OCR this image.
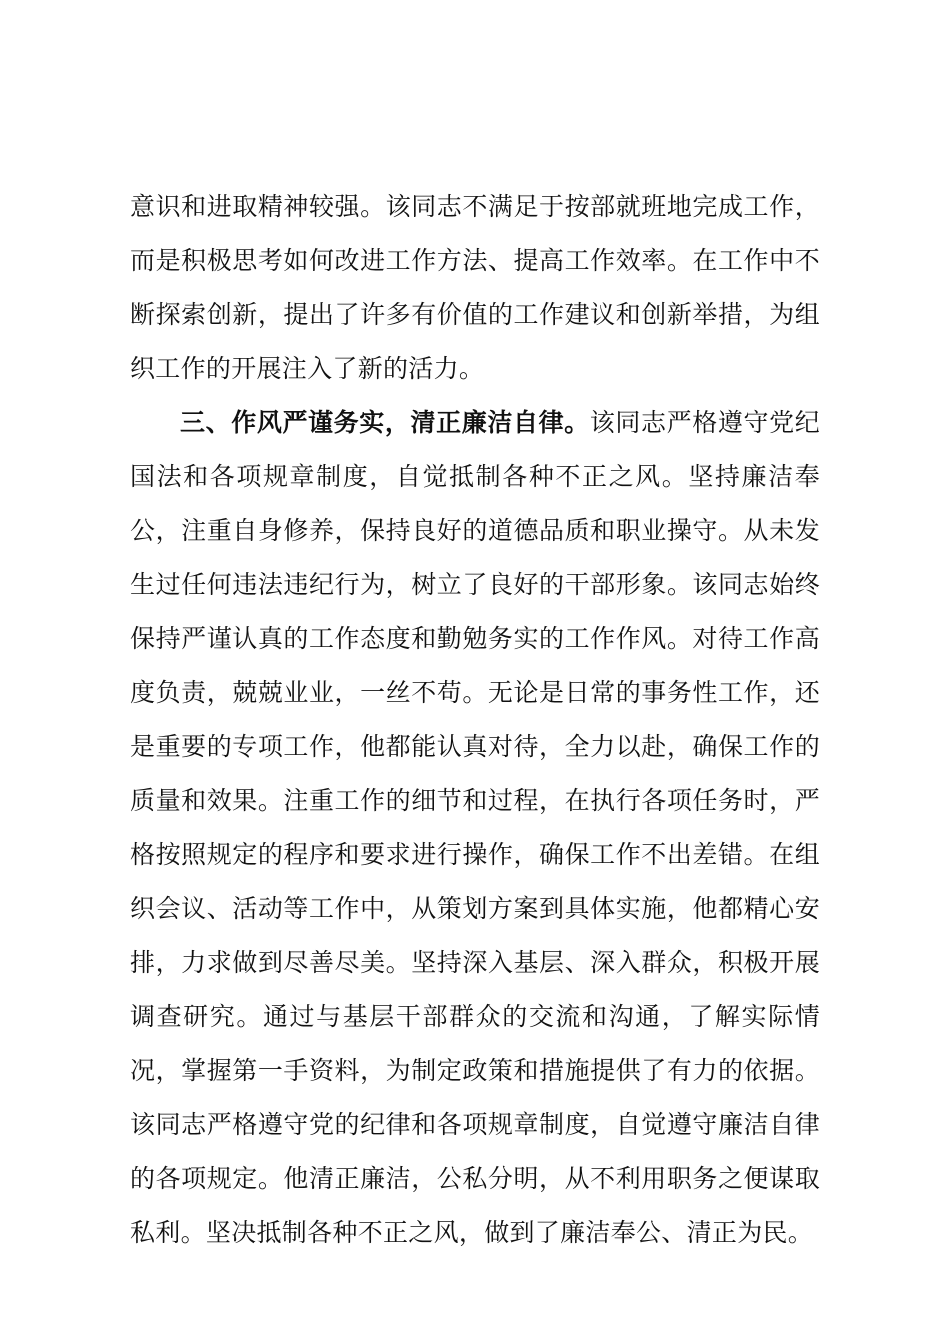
意识和进取精神较强。该同志不满足于按部就班地完成工作，
而是积极思考如何改进工作方法、提高工作效率。在工作中不
断探索创新，提出了许多有价值的工作建议和创新举措，为组
织工作的开展注入了新的活力。
三、作风严谨务实，清正廉洁自律。该同志严格遵守党纪
国法和各项规章制度，自觉抵制各种不正之风。坚持廉洁奉
公，注重自身修养，保持良好的道德品质和职业操守。从未发
生过任何违法违纪行为，树立了良好的干部形象。该同志始终
保持严谨认真的工作态度和勤勉务实的工作作风。对待工作高
度负责，兢兢业业，一丝不苟。无论是日常的事务性工作，还
是重要的专项工作，他都能认真对待，全力以赴，确保工作的
质量和效果。注重工作的细节和过程，在执行各项任务时，严
格按照规定的程序和要求进行操作，确保工作不出差错。在组
织会议、活动等工作中，从策划方案到具体实施，他都精心安
排，力求做到尽善尽美。坚持深入基层、深入群众，积极开展
调查研究。通过与基层干部群众的交流和沟通，了解实际情
况，掌握第一手资料，为制定政策和措施提供了有力的依据。
该同志严格遵守党的纪律和各项规章制度，自觉遵守廉洁自律
的各项规定。他清正廉洁，公私分明，从不利用职务之便谋取
私利。坚决抵制各种不正之风，做到了廉洁奉公、清正为民。
